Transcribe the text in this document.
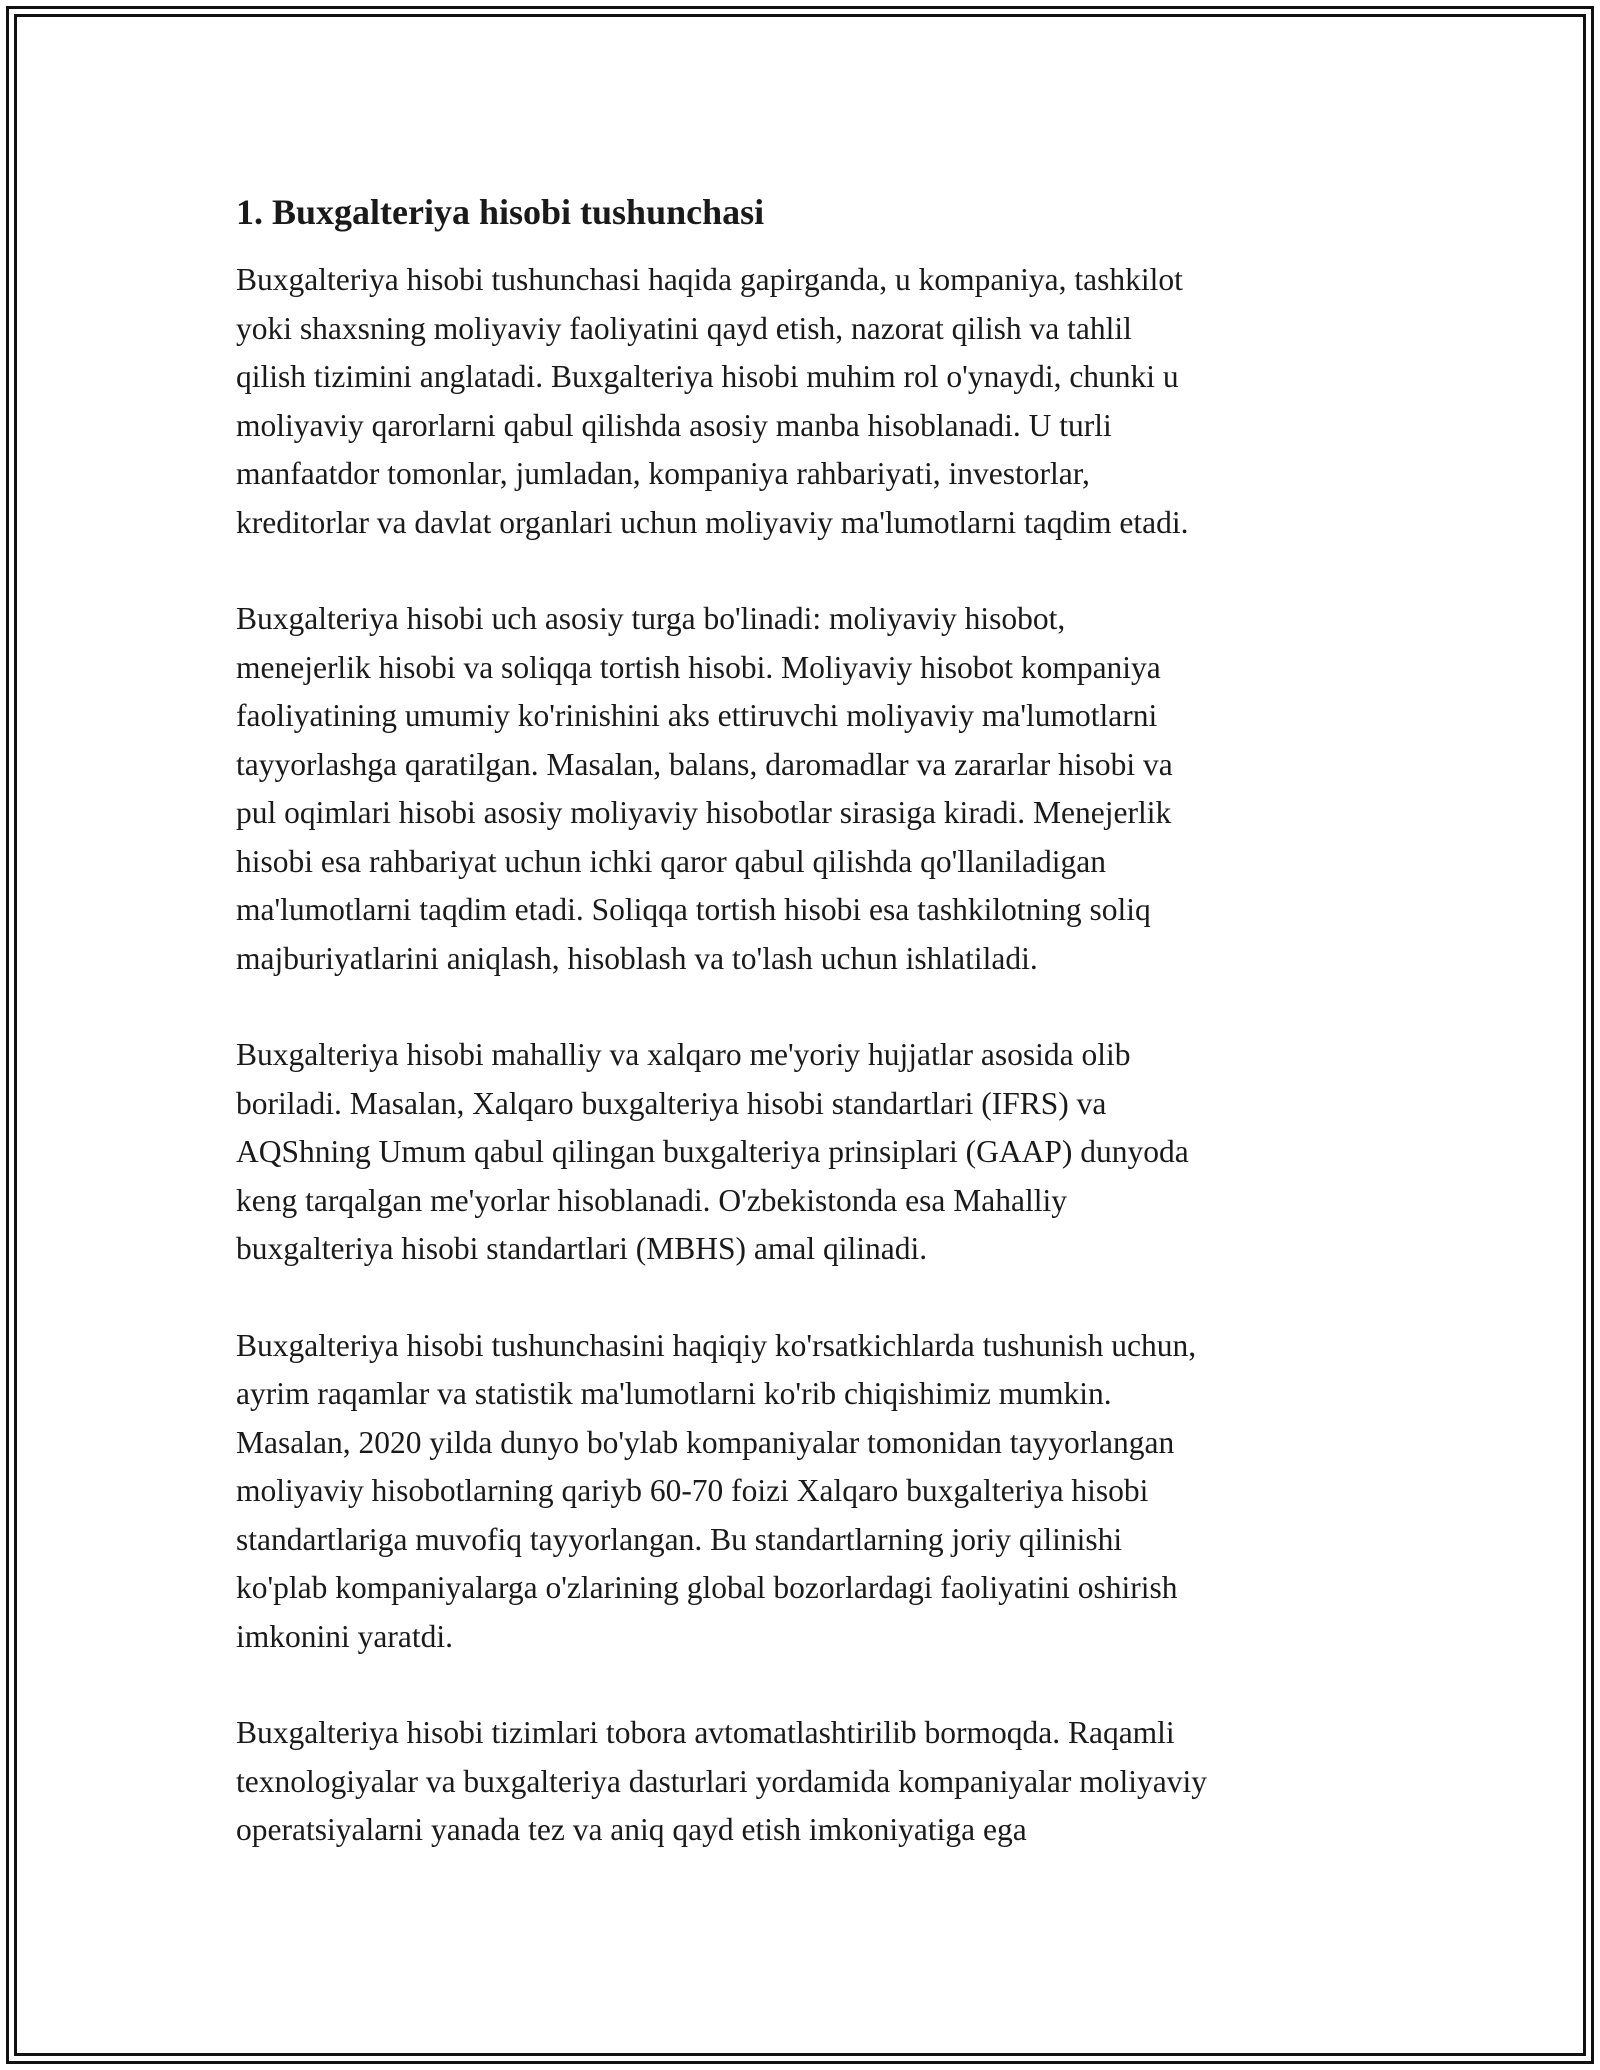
1. Buxgalteriya hisobi tushunchasi
Buxgalteriya hisobi tushunchasi haqida gapirganda, u kompaniya, tashkilot
yoki shaxsning moliyaviy faoliyatini qayd etish, nazorat qilish va tahlil
qilish tizimini anglatadi. Buxgalteriya hisobi muhim rol o'ynaydi, chunki u
moliyaviy qarorlarni qabul qilishda asosiy manba hisoblanadi. U turli
manfaatdor tomonlar, jumladan, kompaniya rahbariyati, investorlar,
kreditorlar va davlat organlari uchun moliyaviy ma'lumotlarni taqdim etadi.
Buxgalteriya hisobi uch asosiy turga bo'linadi: moliyaviy hisobot,
menejerlik hisobi va soliqqa tortish hisobi. Moliyaviy hisobot kompaniya
faoliyatining umumiy ko'rinishini aks ettiruvchi moliyaviy ma'lumotlarni
tayyorlashga qaratilgan. Masalan, balans, daromadlar va zararlar hisobi va
pul oqimlari hisobi asosiy moliyaviy hisobotlar sirasiga kiradi. Menejerlik
hisobi esa rahbariyat uchun ichki qaror qabul qilishda qo'llaniladigan
ma'lumotlarni taqdim etadi. Soliqqa tortish hisobi esa tashkilotning soliq
majburiyatlarini aniqlash, hisoblash va to'lash uchun ishlatiladi.
Buxgalteriya hisobi mahalliy va xalqaro me'yoriy hujjatlar asosida olib
boriladi. Masalan, Xalqaro buxgalteriya hisobi standartlari (IFRS) va
AQShning Umum qabul qilingan buxgalteriya prinsiplari (GAAP) dunyoda
keng tarqalgan me'yorlar hisoblanadi. O'zbekistonda esa Mahalliy
buxgalteriya hisobi standartlari (MBHS) amal qilinadi.
Buxgalteriya hisobi tushunchasini haqiqiy ko'rsatkichlarda tushunish uchun,
ayrim raqamlar va statistik ma'lumotlarni ko'rib chiqishimiz mumkin.
Masalan, 2020 yilda dunyo bo'ylab kompaniyalar tomonidan tayyorlangan
moliyaviy hisobotlarning qariyb 60-70 foizi Xalqaro buxgalteriya hisobi
standartlariga muvofiq tayyorlangan. Bu standartlarning joriy qilinishi
ko'plab kompaniyalarga o'zlarining global bozorlardagi faoliyatini oshirish
imkonini yaratdi.
Buxgalteriya hisobi tizimlari tobora avtomatlashtirilib bormoqda. Raqamli
texnologiyalar va buxgalteriya dasturlari yordamida kompaniyalar moliyaviy
operatsiyalarni yanada tez va aniq qayd etish imkoniyatiga ega
